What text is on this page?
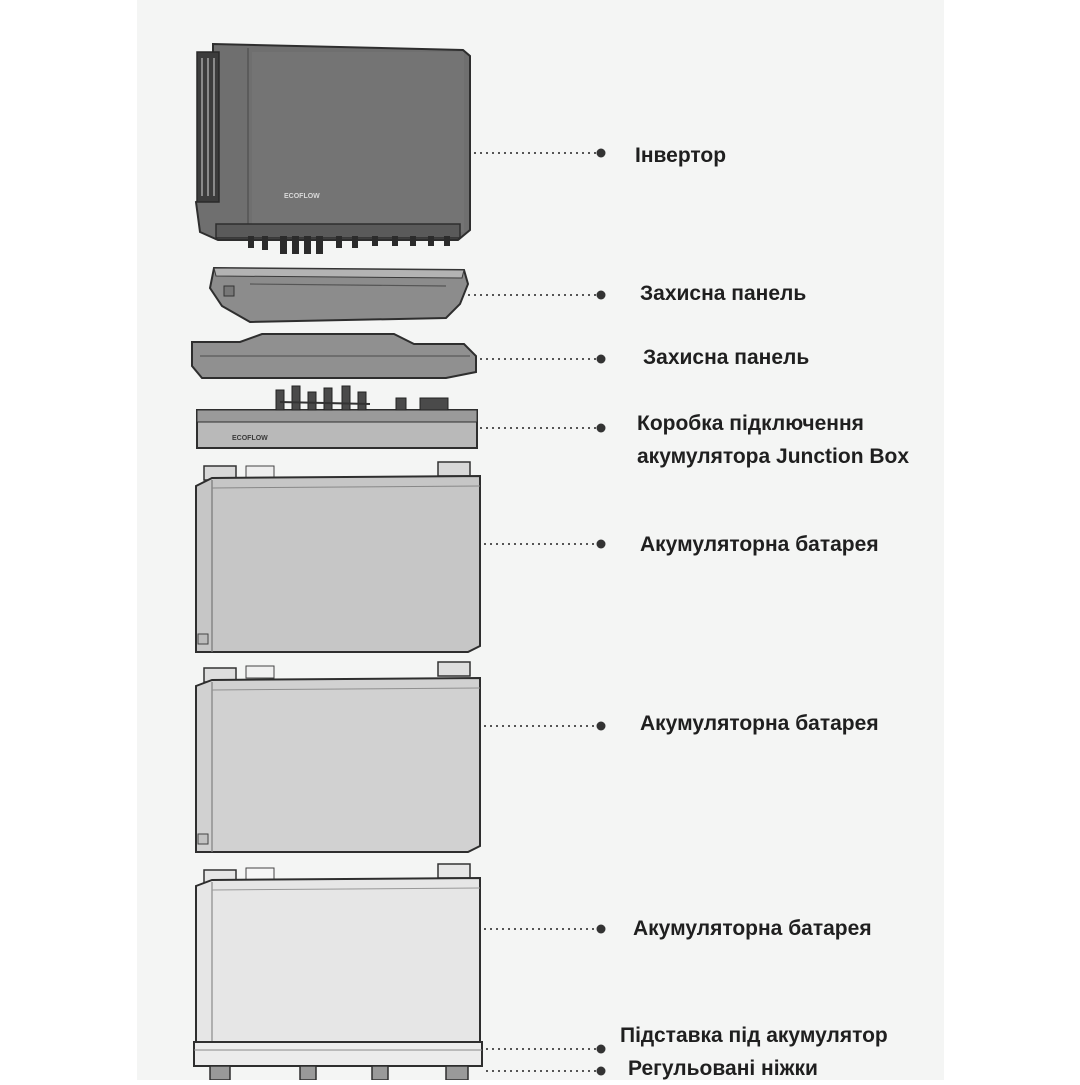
ECOFLOW
ECOFLOW
Інвертор
Захисна панель
Захисна панель
Коробка підключення
акумулятора Junction Box
Акумуляторна батарея
Акумуляторна батарея
Акумуляторна батарея
Підставка під акумулятор
Регульовані ніжки
